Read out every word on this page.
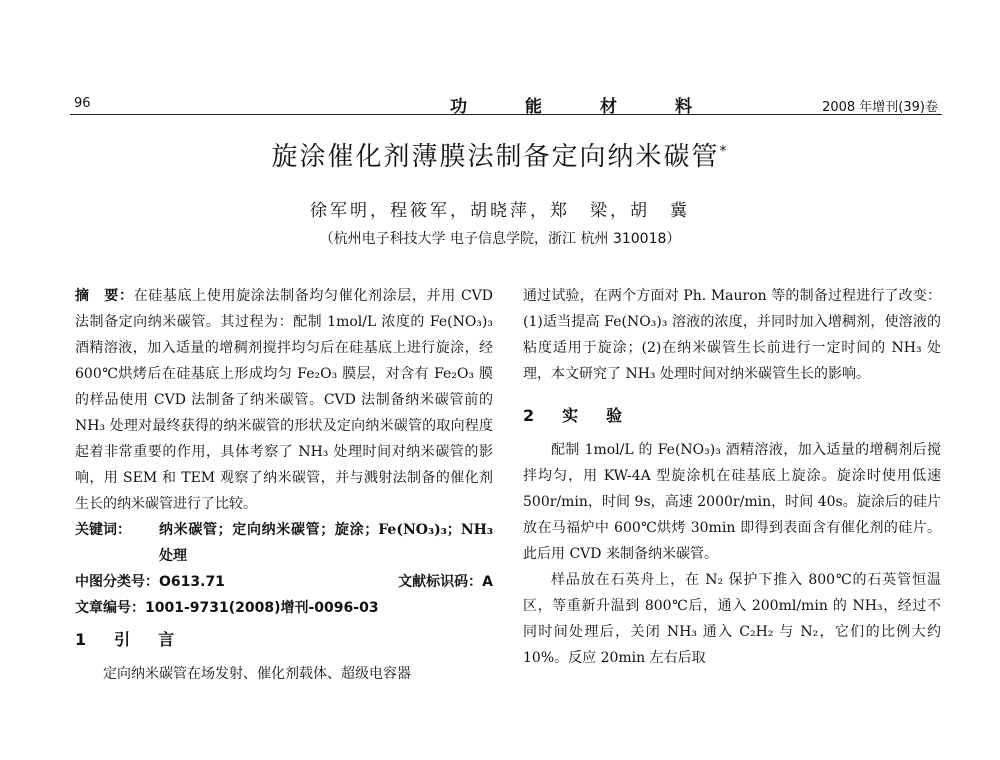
96	功能材料	2008 年增刊(39)卷
旋涂催化剂薄膜法制备定向纳米碳管*
徐军明，程筱军，胡晓萍，郑　梁，胡　冀
（杭州电子科技大学 电子信息学院，浙江 杭州 310018）

摘　要：在硅基底上使用旋涂法制备均匀催化剂涂层，并用 CVD 法制备定向纳米碳管。其过程为：配制 1mol/L 浓度的 Fe(NO₃)₃ 酒精溶液，加入适量的增稠剂搅拌均匀后在硅基底上进行旋涂，经 600℃烘烤后在硅基底上形成均匀 Fe₂O₃ 膜层，对含有 Fe₂O₃ 膜的样品使用 CVD 法制备了纳米碳管。CVD 法制备纳米碳管前的 NH₃ 处理对最终获得的纳米碳管的形状及定向纳米碳管的取向程度起着非常重要的作用，具体考察了 NH₃ 处理时间对纳米碳管的影响，用 SEM 和 TEM 观察了纳米碳管，并与溅射法制备的催化剂生长的纳米碳管进行了比较。

关键词：	纳米碳管；定向纳米碳管；旋涂；Fe(NO₃)₃；NH₃ 处理
中图分类号：O613.71	文献标识码：A

文章编号：1001-9731(2008)增刊-0096-03

1　引　言

定向纳米碳管在场发射、催化剂载体、超级电容器

通过试验，在两个方面对 Ph. Mauron 等的制备过程进行了改变：(1)适当提高 Fe(NO₃)₃ 溶液的浓度，并同时加入增稠剂，使溶液的粘度适用于旋涂；(2)在纳米碳管生长前进行一定时间的 NH₃ 处理，本文研究了 NH₃ 处理时间对纳米碳管生长的影响。

2　实　验

配制 1mol/L 的 Fe(NO₃)₃ 酒精溶液，加入适量的增稠剂后搅拌均匀，用 KW-4A 型旋涂机在硅基底上旋涂。旋涂时使用低速 500r/min，时间 9s，高速 2000r/min，时间 40s。旋涂后的硅片放在马福炉中 600℃烘烤 30min 即得到表面含有催化剂的硅片。此后用 CVD 来制备纳米碳管。

样品放在石英舟上，在 N₂ 保护下推入 800℃的石英管恒温区，等重新升温到 800℃后，通入 200ml/min 的 NH₃，经过不同时间处理后，关闭 NH₃ 通入 C₂H₂ 与 N₂，它们的比例大约 10%。反应 20min 左右后取
